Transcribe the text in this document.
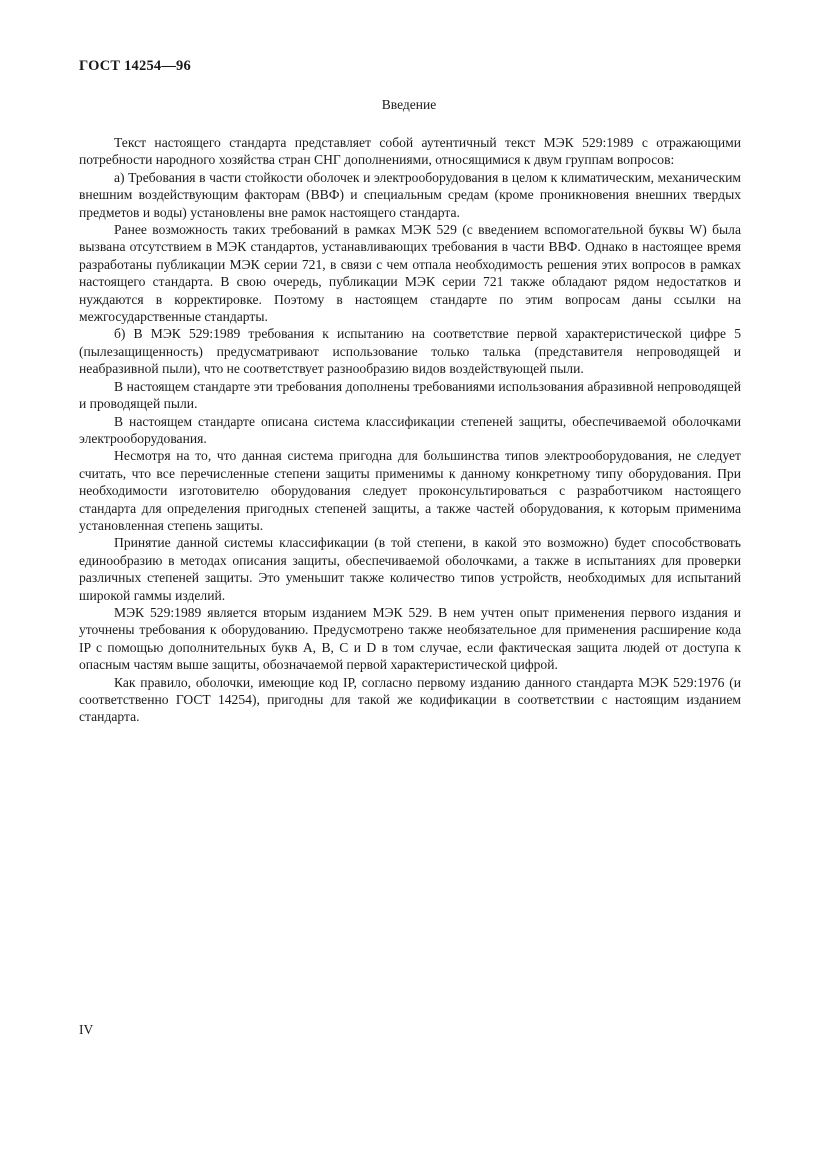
ГОСТ 14254—96
Введение

Текст настоящего стандарта представляет собой аутентичный текст МЭК 529:1989 с отражающими потребности народного хозяйства стран СНГ дополнениями, относящимися к двум группам вопросов:

а) Требования в части стойкости оболочек и электрооборудования в целом к климатическим, механическим внешним воздействующим факторам (ВВФ) и специальным средам (кроме проникновения внешних твердых предметов и воды) установлены вне рамок настоящего стандарта.

Ранее возможность таких требований в рамках МЭК 529 (с введением вспомогательной буквы W) была вызвана отсутствием в МЭК стандартов, устанавливающих требования в части ВВФ. Однако в настоящее время разработаны публикации МЭК серии 721, в связи с чем отпала необходимость решения этих вопросов в рамках настоящего стандарта. В свою очередь, публикации МЭК серии 721 также обладают рядом недостатков и нуждаются в корректировке. Поэтому в настоящем стандарте по этим вопросам даны ссылки на межгосударственные стандарты.

б) В МЭК 529:1989 требования к испытанию на соответствие первой характеристической цифре 5 (пылезащищенность) предусматривают использование только талька (представителя непроводящей и неабразивной пыли), что не соответствует разнообразию видов воздействующей пыли.

В настоящем стандарте эти требования дополнены требованиями использования абразивной непроводящей и проводящей пыли.

В настоящем стандарте описана система классификации степеней защиты, обеспечиваемой оболочками электрооборудования.

Несмотря на то, что данная система пригодна для большинства типов электрооборудования, не следует считать, что все перечисленные степени защиты применимы к данному конкретному типу оборудования. При необходимости изготовителю оборудования следует проконсультироваться с разработчиком настоящего стандарта для определения пригодных степеней защиты, а также частей оборудования, к которым применима установленная степень защиты.

Принятие данной системы классификации (в той степени, в какой это возможно) будет способствовать единообразию в методах описания защиты, обеспечиваемой оболочками, а также в испытаниях для проверки различных степеней защиты. Это уменьшит также количество типов устройств, необходимых для испытаний широкой гаммы изделий.

МЭК 529:1989 является вторым изданием МЭК 529. В нем учтен опыт применения первого издания и уточнены требования к оборудованию. Предусмотрено также необязательное для применения расширение кода IP с помощью дополнительных букв A, B, C и D в том случае, если фактическая защита людей от доступа к опасным частям выше защиты, обозначаемой первой характеристической цифрой.

Как правило, оболочки, имеющие код IP, согласно первому изданию данного стандарта МЭК 529:1976 (и соответственно ГОСТ 14254), пригодны для такой же кодификации в соответствии с настоящим изданием стандарта.

IV
